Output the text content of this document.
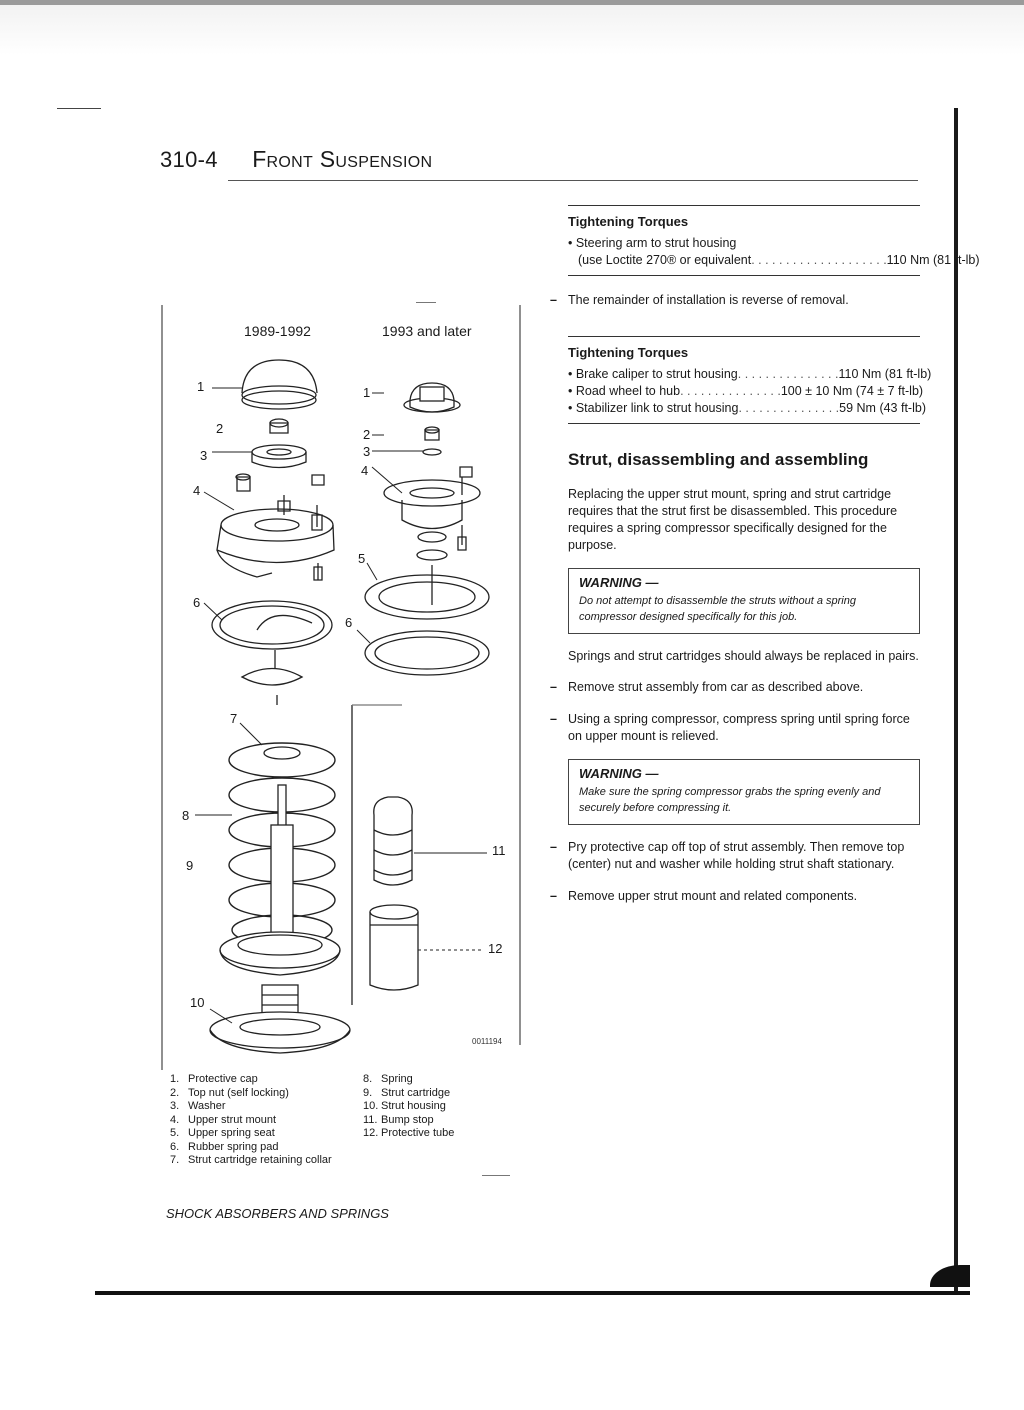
310-4 Front Suspension
1989-1992	1993 and later
1
2
3
4
6
7
8
9
10
1
2
3
4
5
6
11
12
0011194
1. Protective cap
2. Top nut (self locking)
3. Washer
4. Upper strut mount
5. Upper spring seat
6. Rubber spring pad
7. Strut cartridge retaining collar
8. Spring
9. Strut cartridge
10. Strut housing
11. Bump stop
12. Protective tube
Tightening Torques
• Steering arm to strut housing
(use Loctite 270® or equivalent . . . . . . . . . . . . . . . . . . . . 110 Nm (81 ft-lb)
– The remainder of installation is reverse of removal.
Tightening Torques
• Brake caliper to strut housing . . . . . . . . . . . . . . . 110 Nm (81 ft-lb)
• Road wheel to hub . . . . . . . . . . . . . . . 100 ± 10 Nm (74 ± 7 ft-lb)
• Stabilizer link to strut housing . . . . . . . . . . . . . . . 59 Nm (43 ft-lb)
Strut, disassembling and assembling
Replacing the upper strut mount, spring and strut cartridge requires that the strut first be disassembled. This procedure requires a spring compressor specifically designed for the purpose.
WARNING —
Do not attempt to disassemble the struts without a spring compressor designed specifically for this job.
Springs and strut cartridges should always be replaced in pairs.
– Remove strut assembly from car as described above.
– Using a spring compressor, compress spring until spring force on upper mount is relieved.
WARNING —
Make sure the spring compressor grabs the spring evenly and securely before compressing it.
– Pry protective cap off top of strut assembly. Then remove top (center) nut and washer while holding strut shaft stationary.
– Remove upper strut mount and related components.
SHOCK ABSORBERS AND SPRINGS
